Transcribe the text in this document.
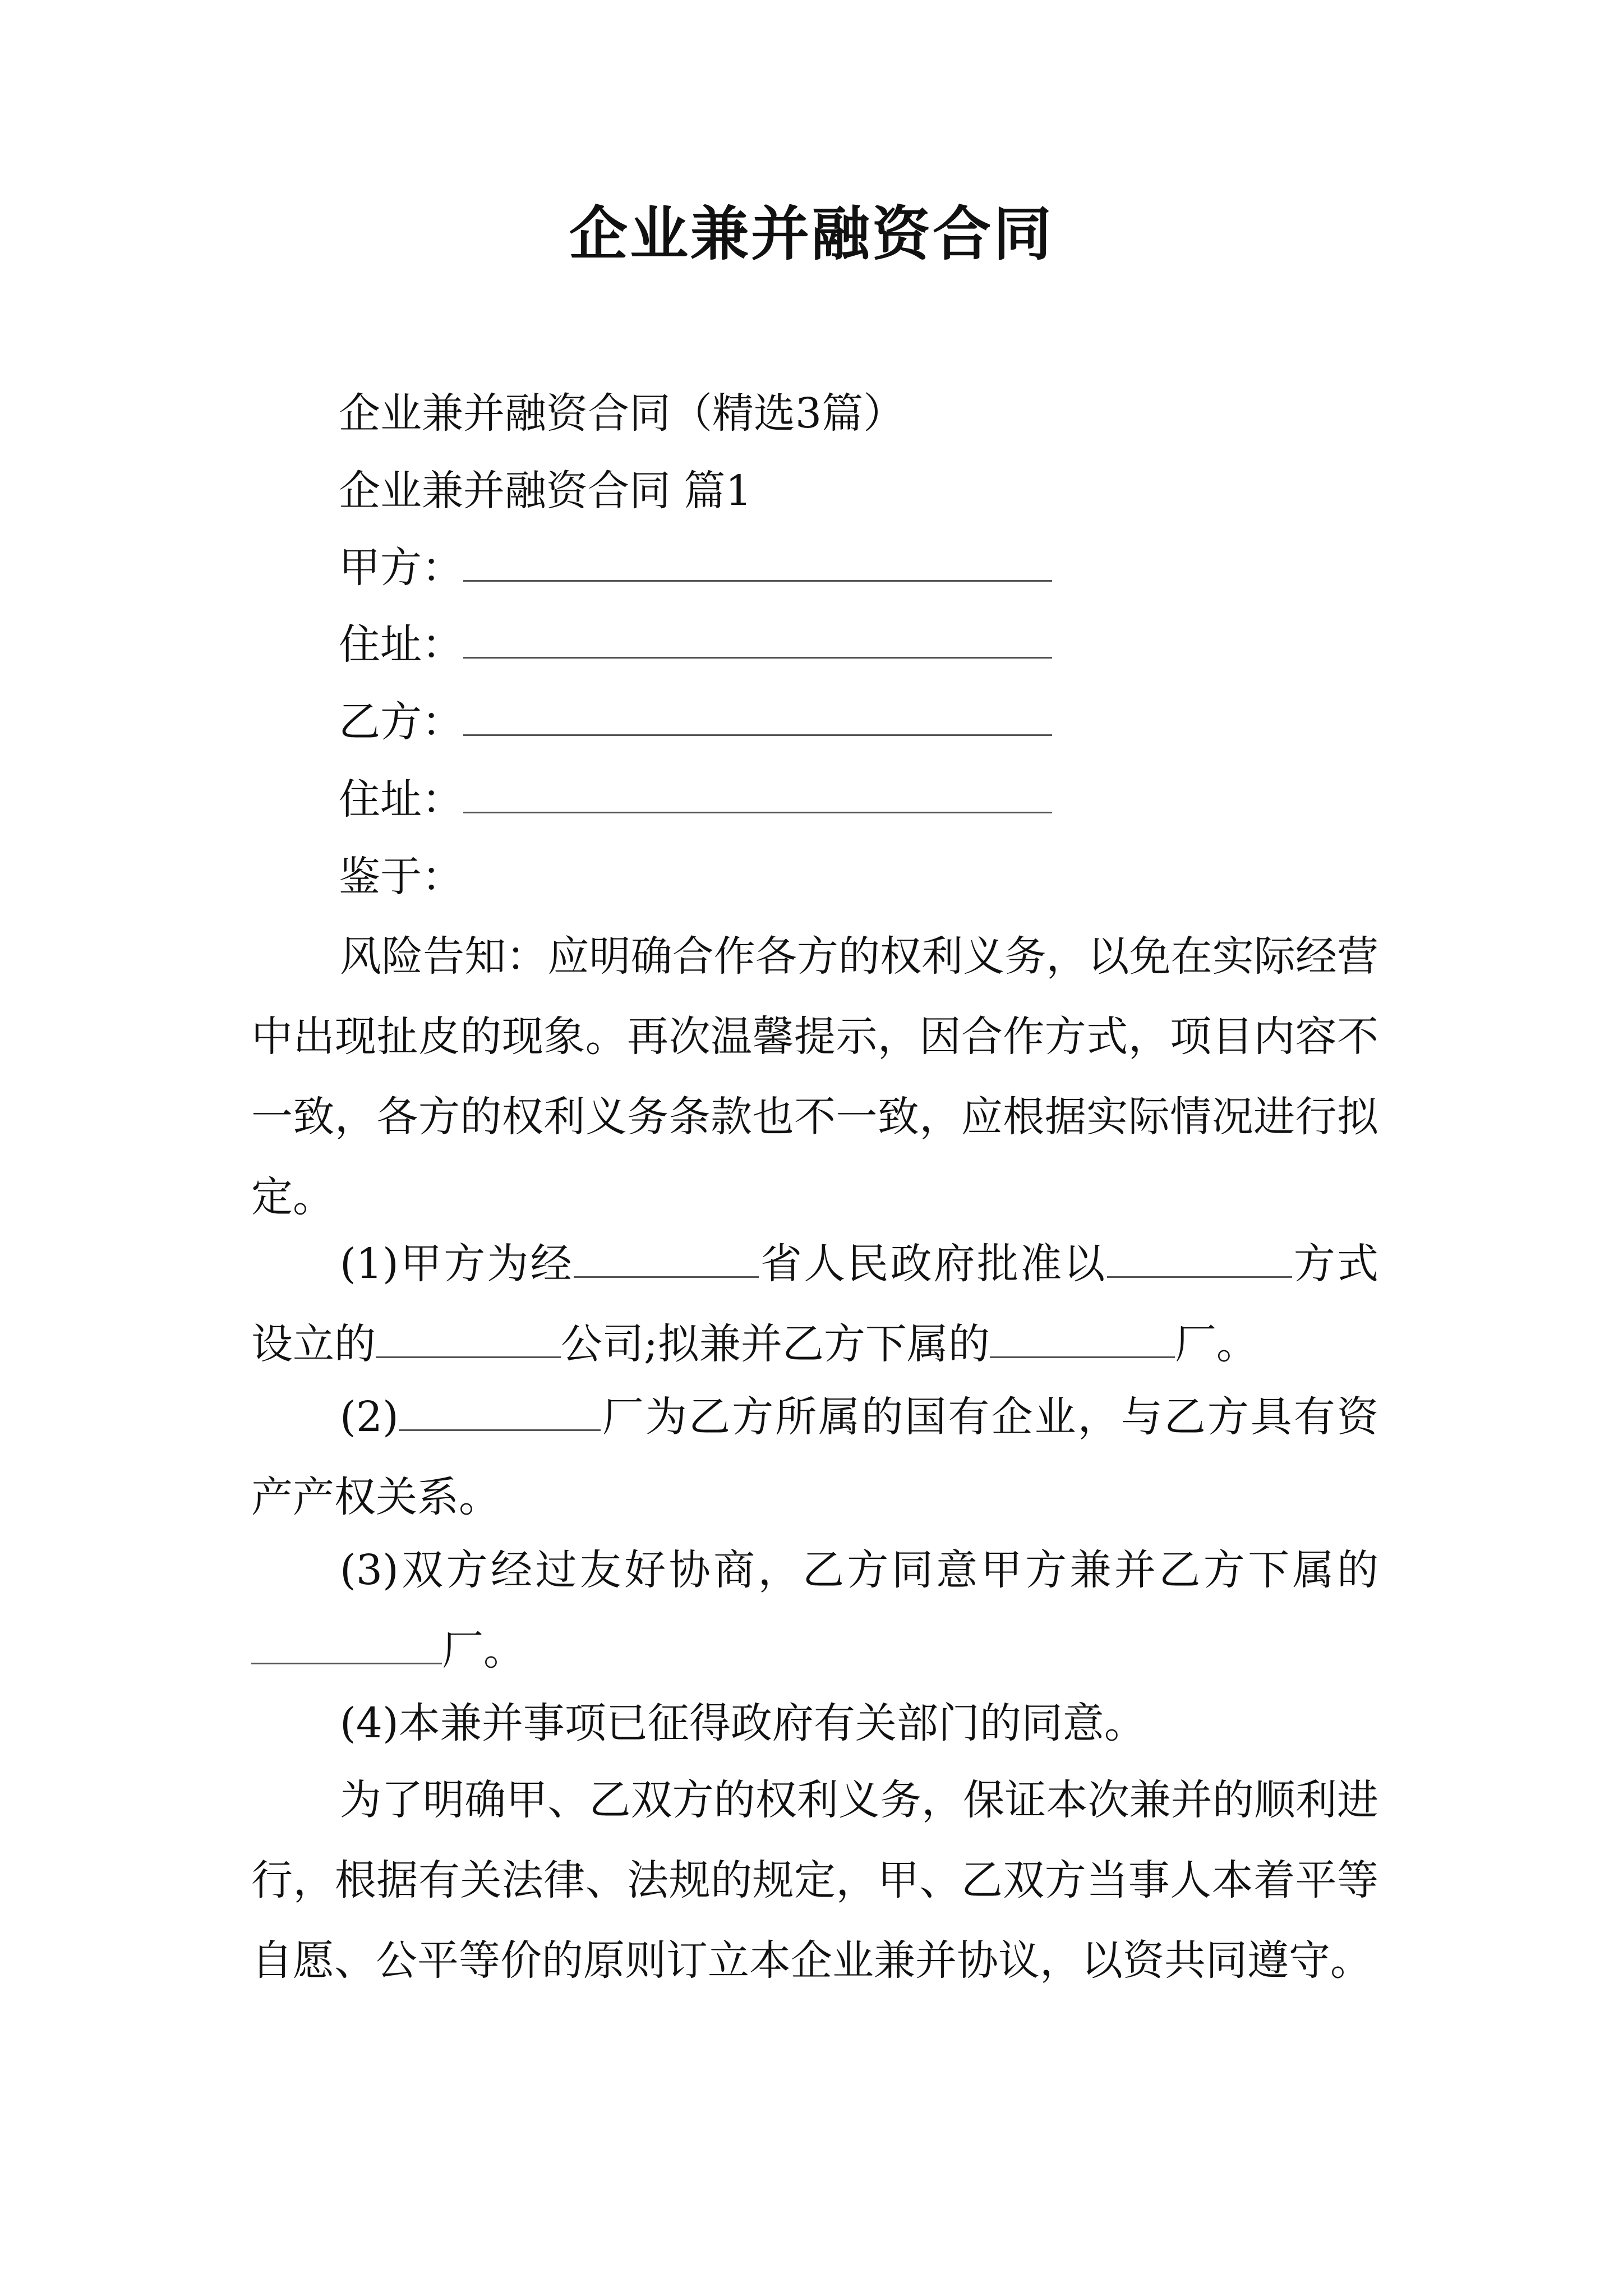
企业兼并融资合同
企业兼并融资合同（精选3篇）
企业兼并融资合同 篇1
甲方：
住址：
乙方：
住址：
鉴于：
风险告知：应明确合作各方的权利义务，以免在实际经营中出现扯皮的现象。再次温馨提示，因合作方式，项目内容不一致，各方的权利义务条款也不一致，应根据实际情况进行拟定。
(1)甲方为经	省人民政府批准以	方式设立的	公司;拟兼并乙方下属的	厂。
(2)	厂为乙方所属的国有企业，与乙方具有资产产权关系。
(3)双方经过友好协商，乙方同意甲方兼并乙方下属的厂。
(4)本兼并事项已征得政府有关部门的同意。
为了明确甲、乙双方的权利义务，保证本次兼并的顺利进行，根据有关法律、法规的规定，甲、乙双方当事人本着平等自愿、公平等价的原则订立本企业兼并协议，以资共同遵守。
